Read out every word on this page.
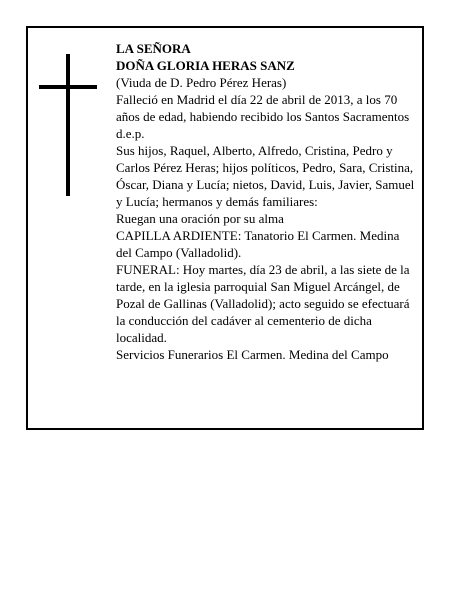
LA SEÑORA

DOÑA GLORIA HERAS SANZ

(Viuda de D. Pedro Pérez Heras)

Falleció en Madrid el día 22 de abril de 2013, a los 70 años de edad, habiendo recibido los Santos Sacramentos

d.e.p.

Sus hijos, Raquel, Alberto, Alfredo, Cristina, Pedro y Carlos Pérez Heras; hijos políticos, Pedro, Sara, Cristina, Óscar, Diana y Lucía; nietos, David, Luis, Javier, Samuel y Lucía; hermanos y demás familiares:

Ruegan una oración por su alma

CAPILLA ARDIENTE: Tanatorio El Carmen. Medina del Campo (Valladolid).

FUNERAL: Hoy martes, día 23 de abril, a las siete de la tarde, en la iglesia parroquial San Miguel Arcángel, de Pozal de Gallinas (Valladolid); acto seguido se efectuará la conducción del cadáver al cementerio de dicha localidad.

Servicios Funerarios El Carmen. Medina del Campo
